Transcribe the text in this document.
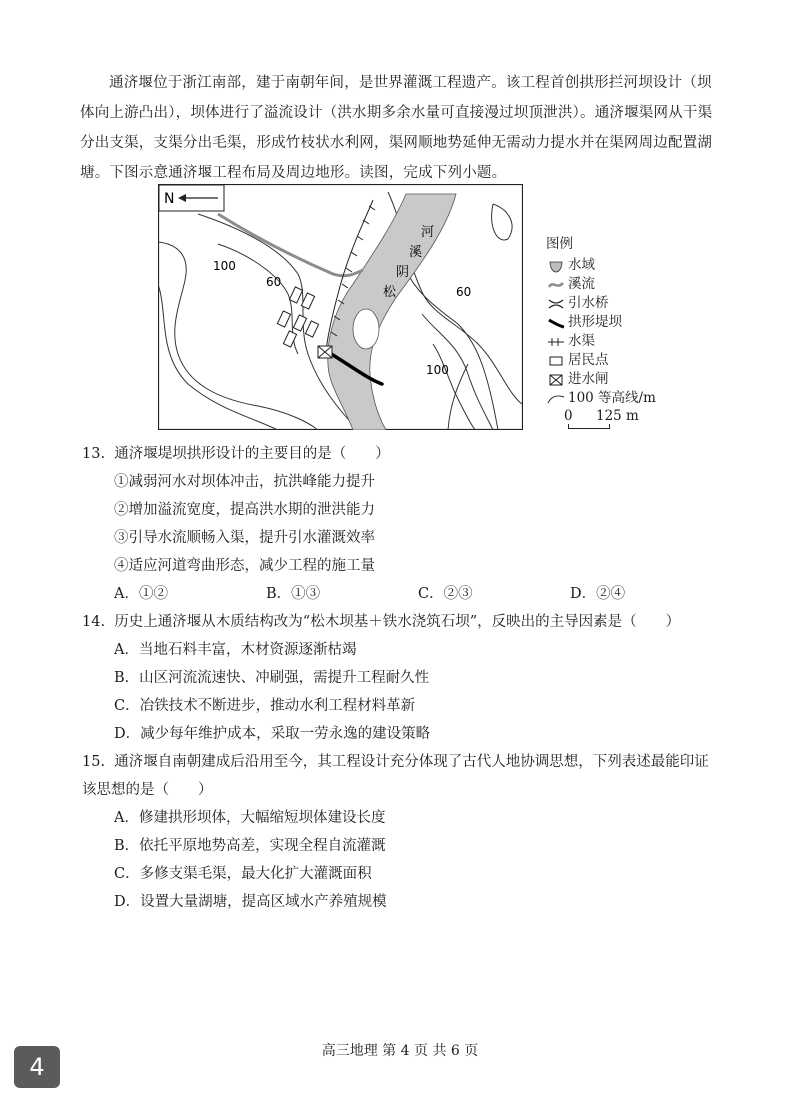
通济堰位于浙江南部，建于南朝年间，是世界灌溉工程遗产。该工程首创拱形拦河坝设计（坝体向上游凸出），坝体进行了溢流设计（洪水期多余水量可直接漫过坝顶泄洪）。通济堰渠网从干渠分出支渠，支渠分出毛渠，形成竹枝状水利网，渠网顺地势延伸无需动力提水并在渠网周边配置湖塘。下图示意通济堰工程布局及周边地形。读图，完成下列小题。

N
河
溪
阴
松
100
60
60
100
图例
水域
溪流
引水桥
拱形堤坝
水渠
居民点
进水闸
100 等高线/m
0 125 m
13. 通济堰堤坝拱形设计的主要目的是（　　）
①减弱河水对坝体冲击，抗洪峰能力提升
②增加溢流宽度，提高洪水期的泄洪能力
③引导水流顺畅入渠，提升引水灌溉效率
④适应河道弯曲形态，减少工程的施工量
A．①②	B．①③	C．②③	D．②④
14. 历史上通济堰从木质结构改为“松木坝基＋铁水浇筑石坝”，反映出的主导因素是（　　）
A．当地石料丰富，木材资源逐渐枯竭
B．山区河流流速快、冲刷强，需提升工程耐久性
C．冶铁技术不断进步，推动水利工程材料革新
D．减少每年维护成本，采取一劳永逸的建设策略
15. 通济堰自南朝建成后沿用至今，其工程设计充分体现了古代人地协调思想，下列表述最能印证该思想的是（　　）
A．修建拱形坝体，大幅缩短坝体建设长度
B．依托平原地势高差，实现全程自流灌溉
C．多修支渠毛渠，最大化扩大灌溉面积
D．设置大量湖塘，提高区域水产养殖规模
高三地理 第 4 页 共 6 页
4
